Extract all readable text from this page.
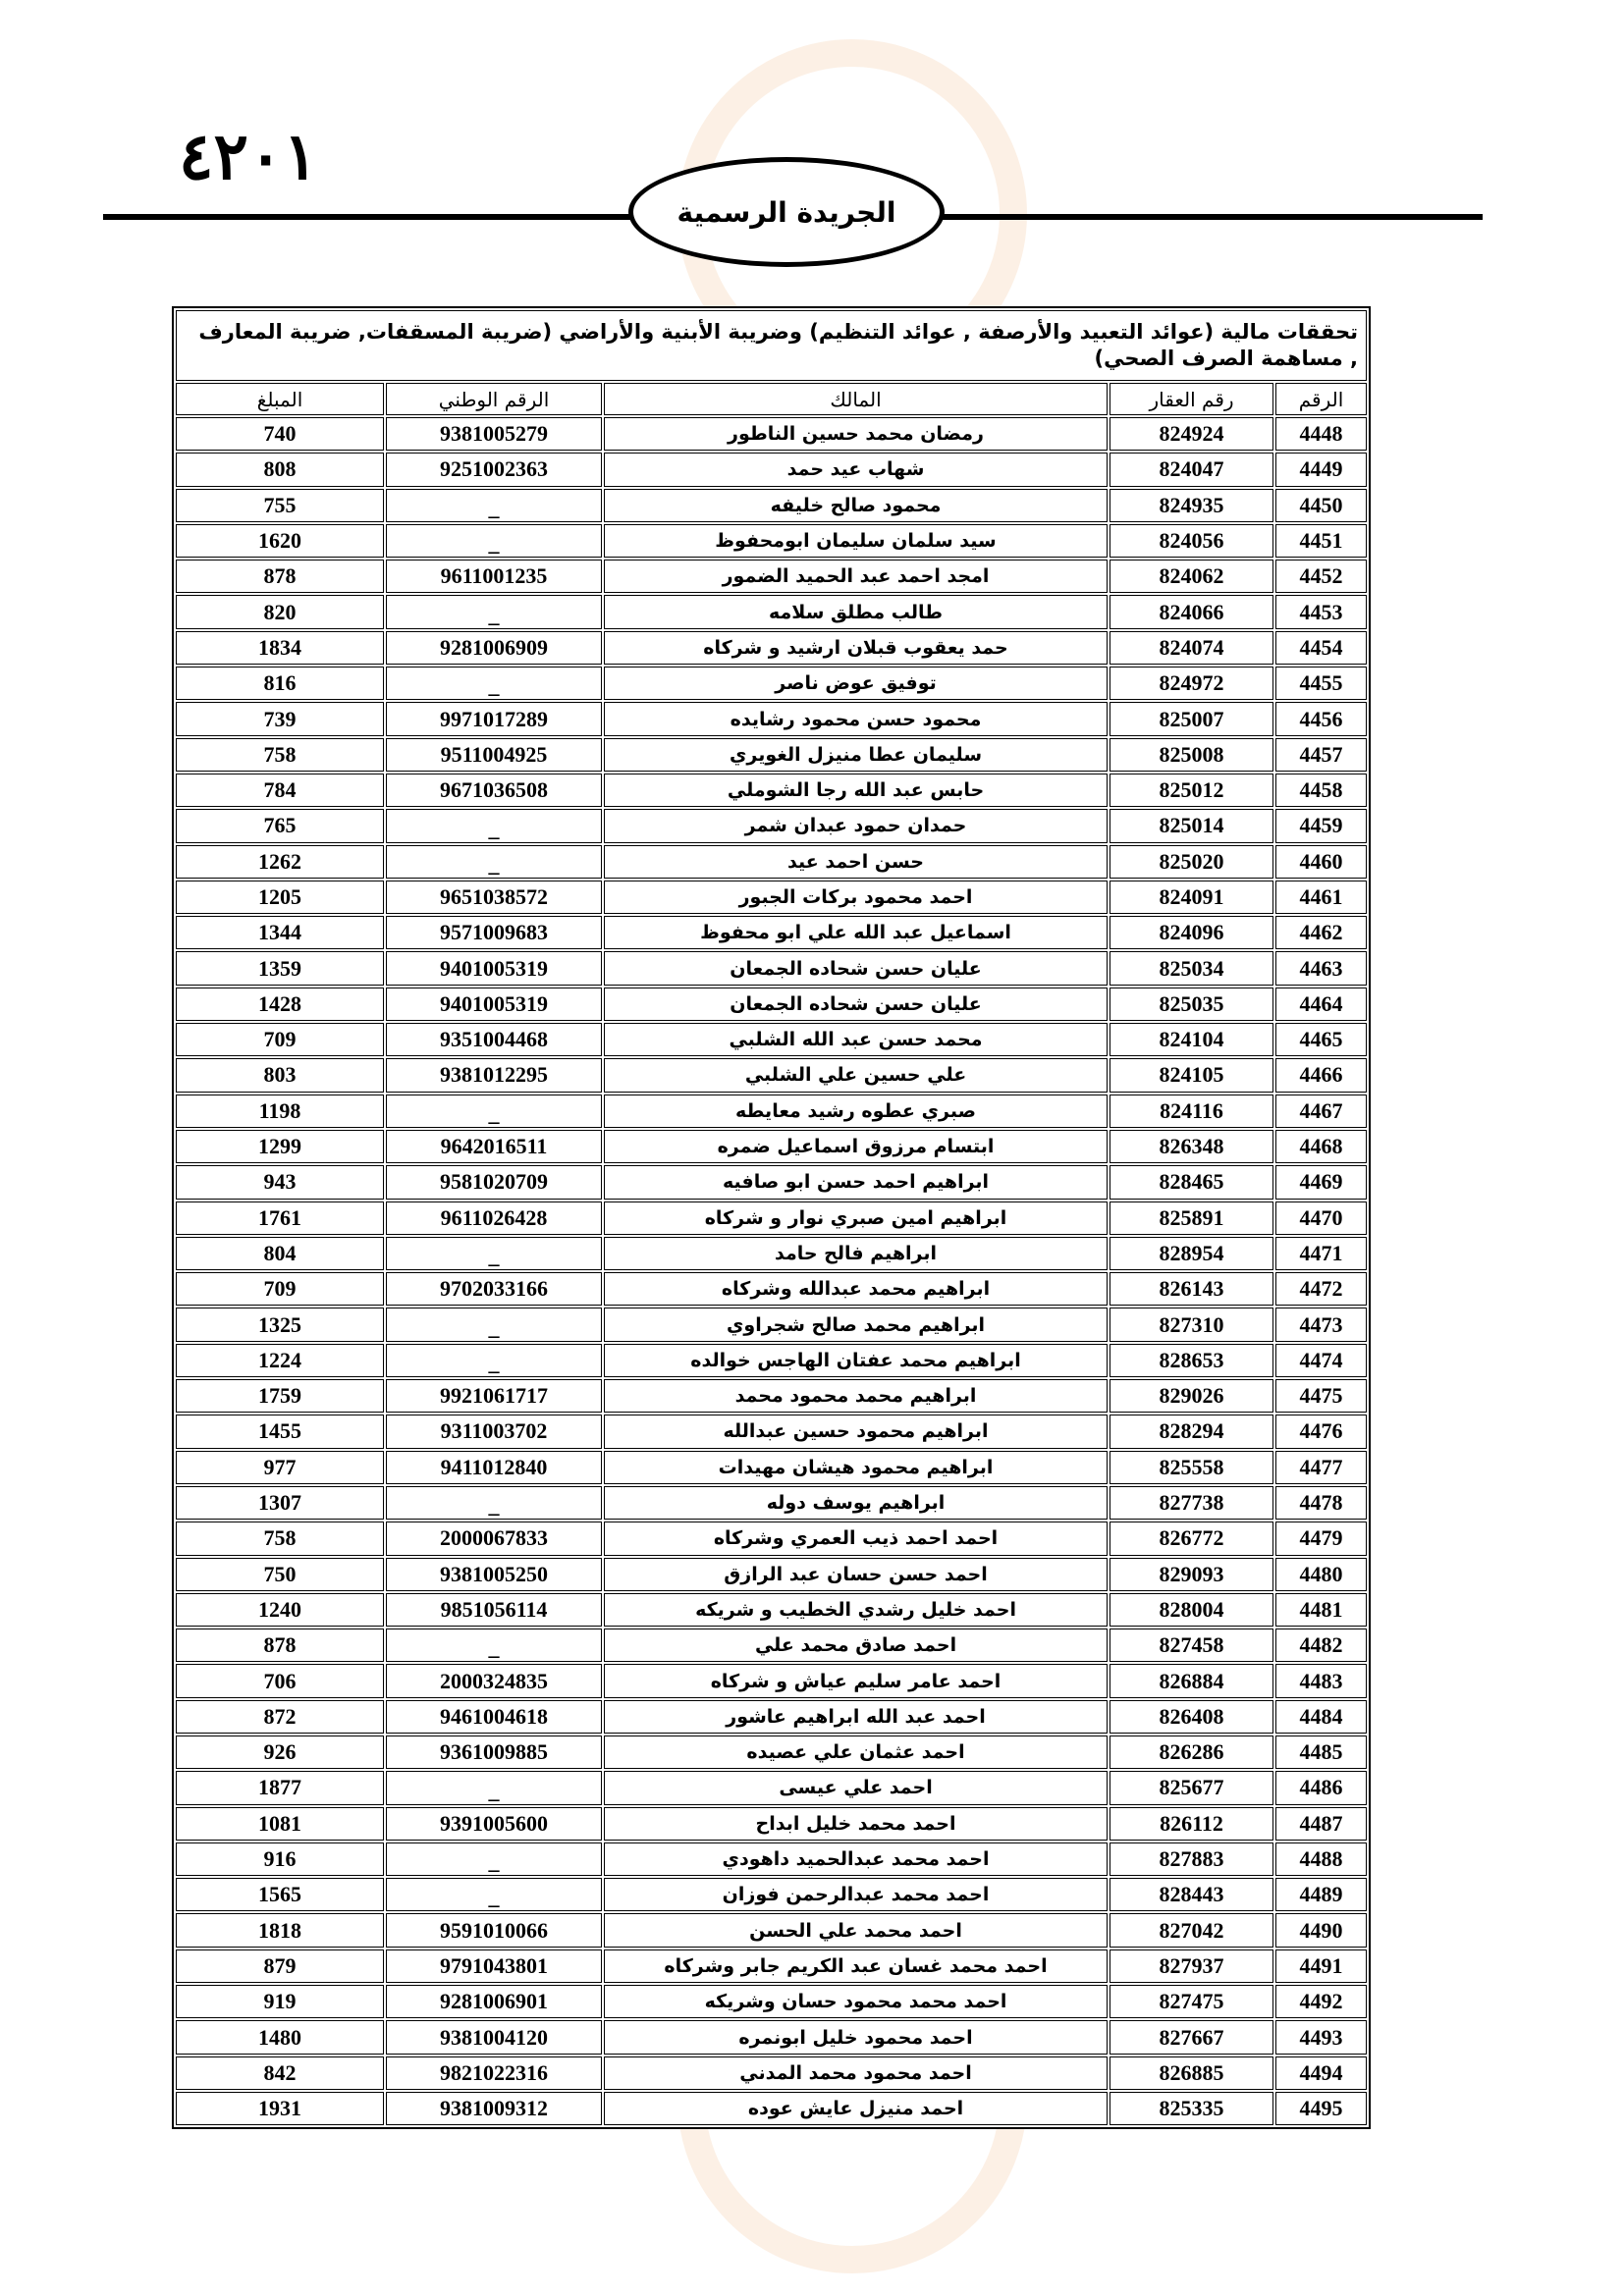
٤٢٠١
الجريدة الرسمية
تحققات مالية (عوائد التعبيد والأرصفة , عوائد التنظيم) وضريبة الأبنية والأراضي (ضريبة المسقفات, ضريبة المعارف , مساهمة الصرف الصحي)				
الرقم	رقم العقار	المالك	الرقم الوطني	المبلغ
4448	824924	رمضان محمد حسين الناطور	9381005279	740
4449	824047	شهاب عيد حمد	9251002363	808
4450	824935	محمود صالح خليفه	_	755
4451	824056	سيد سلمان سليمان ابومحفوظ	_	1620
4452	824062	امجد احمد عبد الحميد الضمور	9611001235	878
4453	824066	طالب مطلق سلامه	_	820
4454	824074	حمد يعقوب قبلان ارشيد و شركاه	9281006909	1834
4455	824972	توفيق عوض ناصر	_	816
4456	825007	محمود حسن محمود رشايده	9971017289	739
4457	825008	سليمان عطا منيزل الغويري	9511004925	758
4458	825012	حابس عبد الله رجا الشوملي	9671036508	784
4459	825014	حمدان حمود عبدان شمر	_	765
4460	825020	حسن احمد عيد	_	1262
4461	824091	احمد محمود بركات الجبور	9651038572	1205
4462	824096	اسماعيل عبد الله علي ابو محفوظ	9571009683	1344
4463	825034	عليان حسن شحاده الجمعان	9401005319	1359
4464	825035	عليان حسن شحاده الجمعان	9401005319	1428
4465	824104	محمد حسن عبد الله الشلبي	9351004468	709
4466	824105	علي حسين علي الشلبي	9381012295	803
4467	824116	صبري عطوه رشيد معايطه	_	1198
4468	826348	ابتسام مرزوق اسماعيل ضمره	9642016511	1299
4469	828465	ابراهيم احمد حسن ابو صافيه	9581020709	943
4470	825891	ابراهيم امين صبري نوار و شركاه	9611026428	1761
4471	828954	ابراهيم فالح حامد	_	804
4472	826143	ابراهيم محمد عبدالله وشركاه	9702033166	709
4473	827310	ابراهيم محمد صالح شجراوي	_	1325
4474	828653	ابراهيم محمد عفتان الهاجس خوالده	_	1224
4475	829026	ابراهيم محمد محمود محمد	9921061717	1759
4476	828294	ابراهيم محمود حسين عبدالله	9311003702	1455
4477	825558	ابراهيم محمود هيشان مهيدات	9411012840	977
4478	827738	ابراهيم يوسف دوله	_	1307
4479	826772	احمد احمد ذيب العمري وشركاه	2000067833	758
4480	829093	احمد حسن حسان عبد الرازق	9381005250	750
4481	828004	احمد خليل رشدي الخطيب و شريكه	9851056114	1240
4482	827458	احمد صادق محمد علي	_	878
4483	826884	احمد عامر سليم عياش و شركاه	2000324835	706
4484	826408	احمد عبد الله ابراهيم عاشور	9461004618	872
4485	826286	احمد عثمان علي عصيده	9361009885	926
4486	825677	احمد علي عيسى	_	1877
4487	826112	احمد محمد خليل ابداح	9391005600	1081
4488	827883	احمد محمد عبدالحميد داهودي	_	916
4489	828443	احمد محمد عبدالرحمن فوزان	_	1565
4490	827042	احمد محمد علي الحسن	9591010066	1818
4491	827937	احمد محمد غسان عبد الكريم جابر وشركاه	9791043801	879
4492	827475	احمد محمد محمود حسان وشريكه	9281006901	919
4493	827667	احمد محمود خليل ابونمره	9381004120	1480
4494	826885	احمد محمود محمد المدني	9821022316	842
4495	825335	احمد منيزل عايش عوده	9381009312	1931
